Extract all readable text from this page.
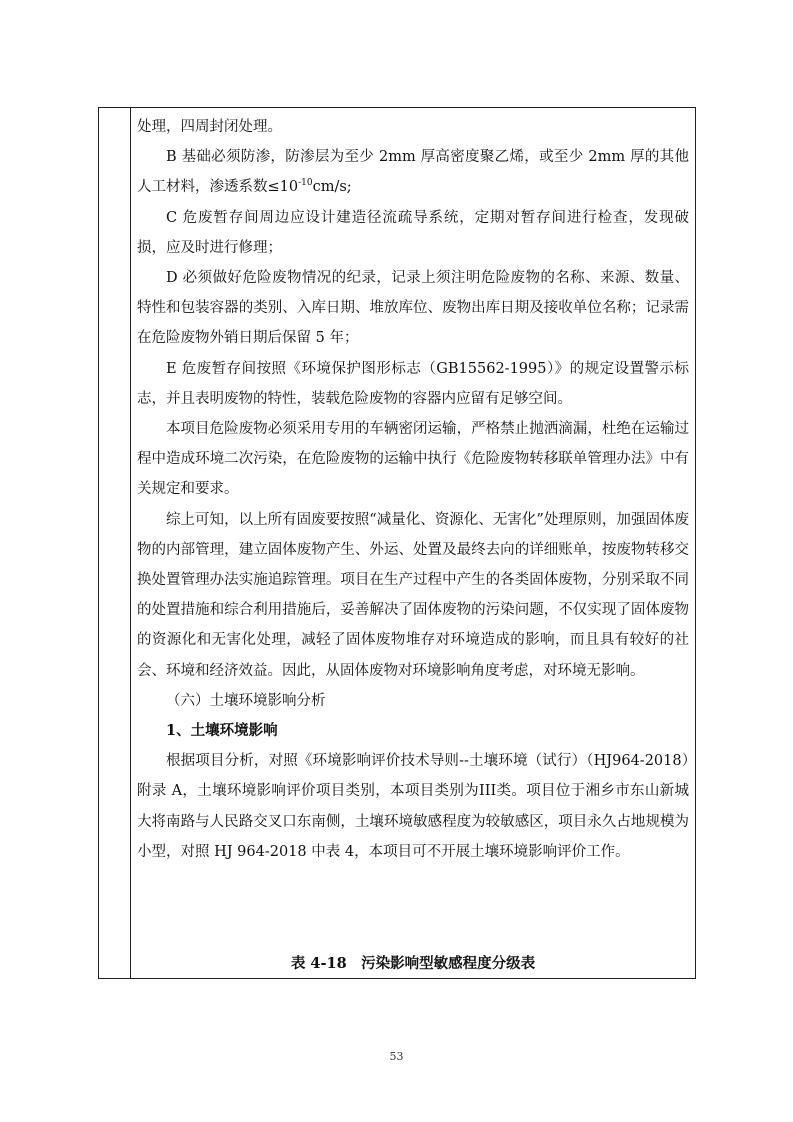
处理，四周封闭处理。

B 基础必须防渗，防渗层为至少 2mm 厚高密度聚乙烯，或至少 2mm 厚的其他人工材料，渗透系数$\le 10^{-10}cm/s$;

C 危废暂存间周边应设计建造径流疏导系统，定期对暂存间进行检查，发现破损，应及时进行修理；

D 必须做好危险废物情况的纪录，记录上须注明危险废物的名称、来源、数量、特性和包装容器的类别、入库日期、堆放库位、废物出库日期及接收单位名称；记录需在危险废物外销日期后保留 5 年；

E 危废暂存间按照《环境保护图形标志（GB15562-1995）》的规定设置警示标志，并且表明废物的特性，装载危险废物的容器内应留有足够空间。

本项目危险废物必须采用专用的车辆密闭运输，严格禁止抛洒滴漏，杜绝在运输过程中造成环境二次污染，在危险废物的运输中执行《危险废物转移联单管理办法》中有关规定和要求。

综上可知，以上所有固废要按照“减量化、资源化、无害化”处理原则，加强固体废物的内部管理，建立固体废物产生、外运、处置及最终去向的详细账单，按废物转移交换处置管理办法实施追踪管理。项目在生产过程中产生的各类固体废物，分别采取不同的处置措施和综合利用措施后，妥善解决了固体废物的污染问题，不仅实现了固体废物的资源化和无害化处理，减轻了固体废物堆存对环境造成的影响，而且具有较好的社会、环境和经济效益。因此，从固体废物对环境影响角度考虑，对环境无影响。

（六）土壤环境影响分析

1、土壤环境影响

根据项目分析，对照《环境影响评价技术导则--土壤环境（试行）（HJ964-2018）附录 A，土壤环境影响评价项目类别，本项目类别为III类。项目位于湘乡市东山新城大将南路与人民路交叉口东南侧，土壤环境敏感程度为较敏感区，项目永久占地规模为小型，对照 HJ 964-2018 中表 4，本项目可不开展土壤环境影响评价工作。

表 4-18　污染影响型敏感程度分级表
53
